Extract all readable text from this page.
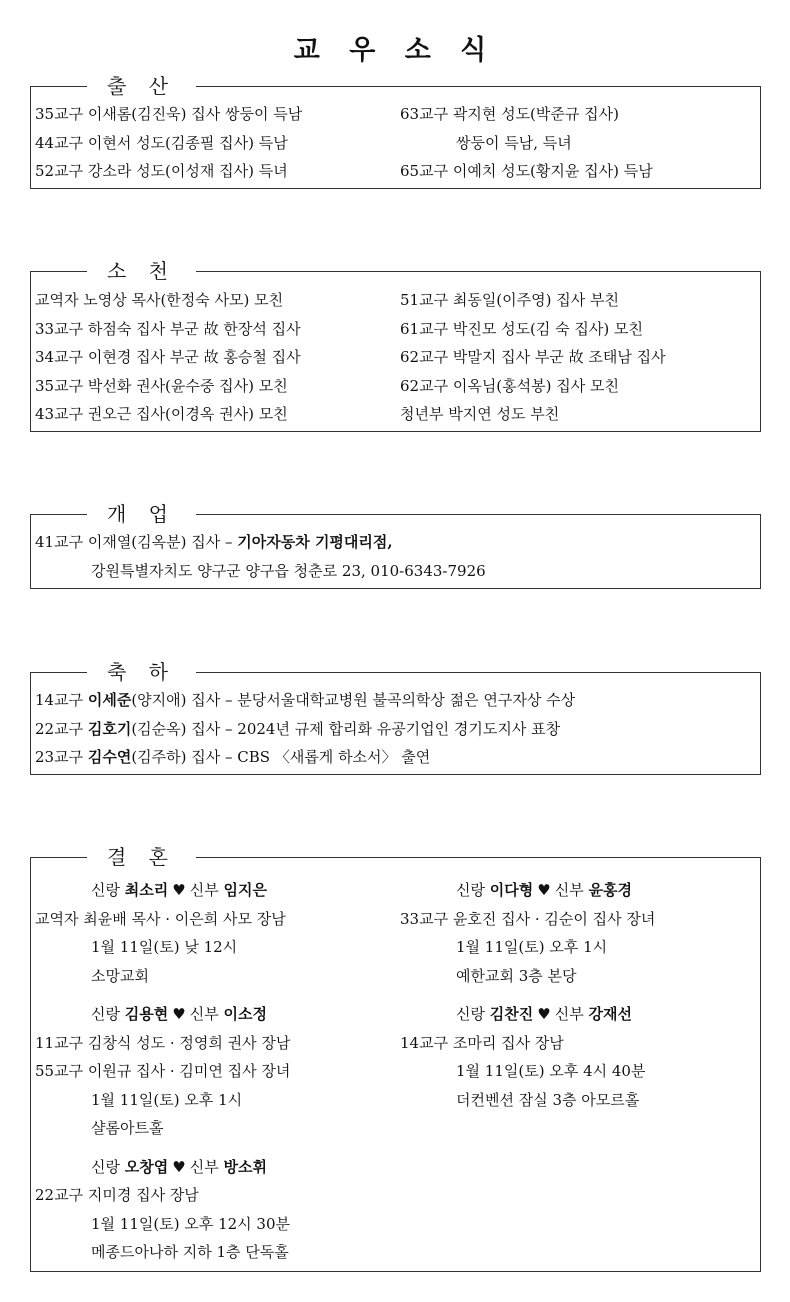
교 우 소 식
출 산
35교구 이새롬(김진욱) 집사 쌍둥이 득남
44교구 이현서 성도(김종필 집사) 득남
52교구 강소라 성도(이성재 집사) 득녀
63교구 곽지현 성도(박준규 집사)
쌍둥이 득남, 득녀
65교구 이예치 성도(황지윤 집사) 득남
소 천
교역자 노영상 목사(한정숙 사모) 모친
33교구 하점숙 집사 부군 故 한장석 집사
34교구 이현경 집사 부군 故 홍승철 집사
35교구 박선화 권사(윤수중 집사) 모친
43교구 권오근 집사(이경옥 권사) 모친
51교구 최동일(이주영) 집사 부친
61교구 박진모 성도(김 숙 집사) 모친
62교구 박말지 집사 부군 故 조태남 집사
62교구 이옥님(홍석봉) 집사 모친
청년부 박지연 성도 부친
개 업
41교구 이재열(김옥분) 집사 – 기아자동차 기평대리점,
강원특별자치도 양구군 양구읍 청춘로 23, 010-6343-7926
축 하
14교구 이세준(양지애) 집사 – 분당서울대학교병원 불곡의학상 젊은 연구자상 수상
22교구 김호기(김순옥) 집사 – 2024년 규제 합리화 유공기업인 경기도지사 표창
23교구 김수연(김주하) 집사 – CBS 〈새롭게 하소서〉 출연
결 혼
신랑 최소리 ♥ 신부 임지은
교역자 최윤배 목사 · 이은희 사모 장남
1월 11일(토) 낮 12시
소망교회
신랑 김용현 ♥ 신부 이소정
11교구 김창식 성도 · 정영희 권사 장남
55교구 이원규 집사 · 김미연 집사 장녀
1월 11일(토) 오후 1시
샬롬아트홀
신랑 오창엽 ♥ 신부 방소휘
22교구 지미경 집사 장남
1월 11일(토) 오후 12시 30분
메종드아나하 지하 1층 단독홀
신랑 이다형 ♥ 신부 윤홍경
33교구 윤호진 집사 · 김순이 집사 장녀
1월 11일(토) 오후 1시
예한교회 3층 본당
신랑 김찬진 ♥ 신부 강재선
14교구 조마리 집사 장남
1월 11일(토) 오후 4시 40분
더컨벤션 잠실 3층 아모르홀
